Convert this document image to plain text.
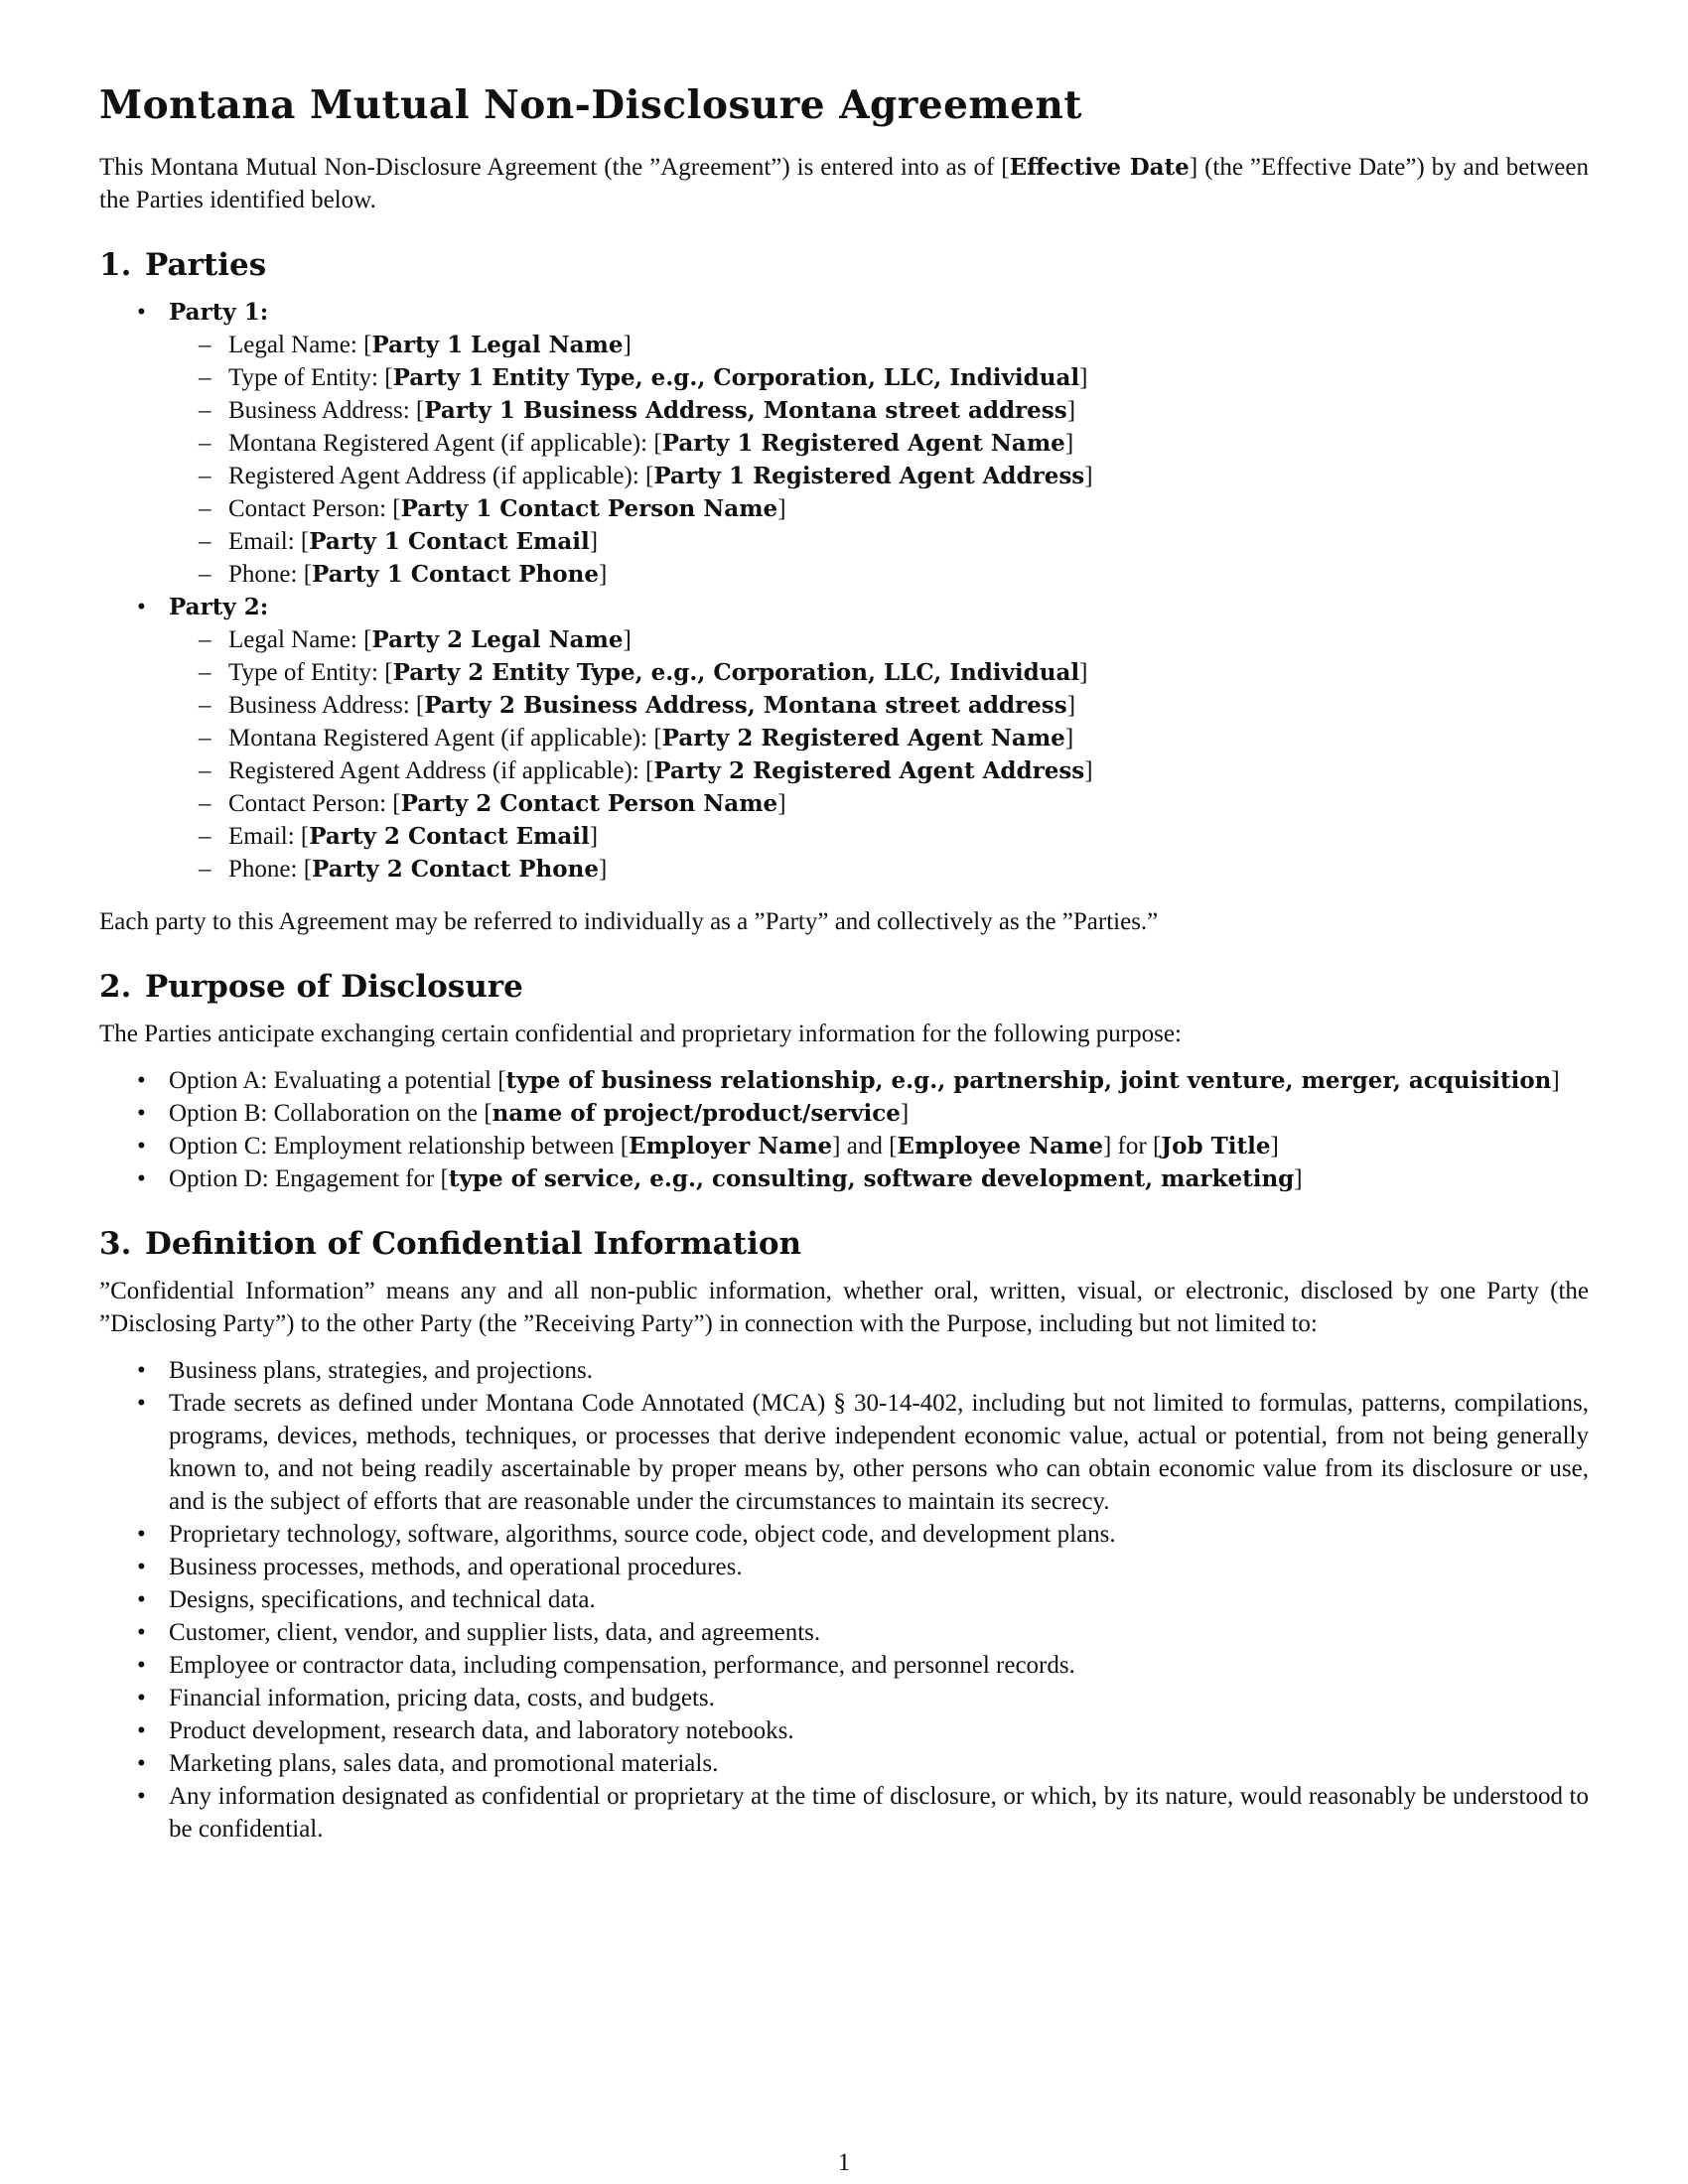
Montana Mutual Non-Disclosure Agreement

This Montana Mutual Non-Disclosure Agreement (the ”Agreement”) is entered into as of [Effective Date] (the ”Effective Date”) by and between the Parties identified below.

1. Parties
• Party 1:
– Legal Name: [Party 1 Legal Name]
– Type of Entity: [Party 1 Entity Type, e.g., Corporation, LLC, Individual]
– Business Address: [Party 1 Business Address, Montana street address]
– Montana Registered Agent (if applicable): [Party 1 Registered Agent Name]
– Registered Agent Address (if applicable): [Party 1 Registered Agent Address]
– Contact Person: [Party 1 Contact Person Name]
– Email: [Party 1 Contact Email]
– Phone: [Party 1 Contact Phone]
• Party 2:
– Legal Name: [Party 2 Legal Name]
– Type of Entity: [Party 2 Entity Type, e.g., Corporation, LLC, Individual]
– Business Address: [Party 2 Business Address, Montana street address]
– Montana Registered Agent (if applicable): [Party 2 Registered Agent Name]
– Registered Agent Address (if applicable): [Party 2 Registered Agent Address]
– Contact Person: [Party 2 Contact Person Name]
– Email: [Party 2 Contact Email]
– Phone: [Party 2 Contact Phone]

Each party to this Agreement may be referred to individually as a ”Party” and collectively as the ”Parties.”

2. Purpose of Disclosure

The Parties anticipate exchanging certain confidential and proprietary information for the following purpose:

• Option A: Evaluating a potential [type of business relationship, e.g., partnership, joint venture, merger, acquisition]
• Option B: Collaboration on the [name of project/product/service]
• Option C: Employment relationship between [Employer Name] and [Employee Name] for [Job Title]
• Option D: Engagement for [type of service, e.g., consulting, software development, marketing]
3. Definition of Confidential Information

”Confidential Information” means any and all non-public information, whether oral, written, visual, or electronic, disclosed by one Party (the ”Disclosing Party”) to the other Party (the ”Receiving Party”) in connection with the Purpose, including but not limited to:

• Business plans, strategies, and projections.
• Trade secrets as defined under Montana Code Annotated (MCA) § 30-14-402, including but not limited to formulas, patterns, compilations, programs, devices, methods, techniques, or processes that derive independent economic value, actual or potential, from not being generally known to, and not being readily ascertainable by proper means by, other persons who can obtain economic value from its disclosure or use, and is the subject of efforts that are reasonable under the circumstances to maintain its secrecy.
• Proprietary technology, software, algorithms, source code, object code, and development plans.
• Business processes, methods, and operational procedures.
• Designs, specifications, and technical data.
• Customer, client, vendor, and supplier lists, data, and agreements.
• Employee or contractor data, including compensation, performance, and personnel records.
• Financial information, pricing data, costs, and budgets.
• Product development, research data, and laboratory notebooks.
• Marketing plans, sales data, and promotional materials.
• Any information designated as confidential or proprietary at the time of disclosure, or which, by its nature, would reasonably be understood to be confidential.
1
